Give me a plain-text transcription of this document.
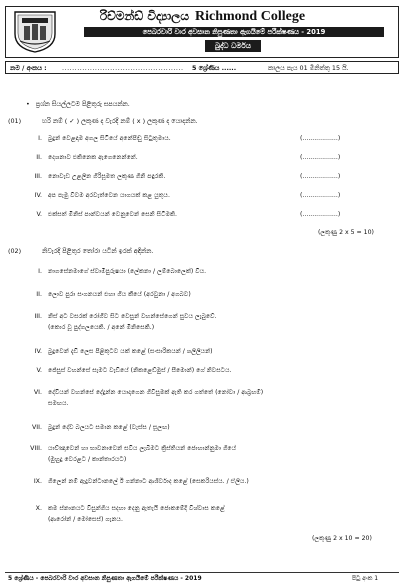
රිච්මන්ඩ් විද්‍යාලය Richmond College
පෙබරවාරි වාර අවසාන නිපුණතා ඇගයීමේ පරීක්ෂණය - 2019
බුද්ධ ධර්මය
නම / අංකය : ................................................ 5 ශ්‍රේණිය ......	කාලය පැය 01 මිනිත්තු 15 යි.
• ප්‍රශ්න සියල්ලටම පිළිතුරු සපයන්න.
(01)	හරි නම් ( ✓ ) ලකුණ ද වැරදි නම් ( x ) ලකුණ ද යොදන්න.
I. බුදුන් වෙළඳාම අගල සිටියේ අනේපිඬු සිටුතුමාය.	(..................)
II. දෙශනාව එකිනෙක ඇගෙනෙන්නේ.	(..................)
III. නොවැඩ උළලින ගිරිසූමත ලකුණ ගිනි පඳුරකි.	(..................)
IV. අප පැමු වීවම අරවැත්වෙන යාගයක් කළ යුතුය.	(..................)
V. එක්සත් මිනිස් පාන්වයන් වෙනුවෙන් සෙනි සිටීමකි.	(..................)
(ලකුණු 2 x 5 = 10)
(02)	නිවැරදි පිළිතුර තෝරා යටින් ඉරක් අඳින්න.
I. නාගසේනමාගේ ස්වාමිපුරුෂයා (ලේකනා / ලම්බොලෙක්) විය.
II. ලොව පුරා සංගනයන් එහා ගිය කීයේ (අරවුනා / අගබව)
III. නිස් අට වසරක් රෝගීව සිට වෙසුන් වහන්සේගෙන් සුවය ලැබුවේ.
(කොර වූ පුද්ගලයෙකි. / අනේ මිනිසෙකි.)
IV. බුදුවෙන් දැඩි ලෙස පිළිකුටව යක් කළේ (සංසාරිකයන් / ශලිලියන්)
V. ජේසුස් වහන්සේ සැමට වැඩියේ (නිකළෙඩ්මුස් / සීමොන්) ගේ නිවසටය.
VI. දේවියන් වහන්සේ දේදුන්න යොදාගෙන ගිවිසුමක් ඇති කර ගත්තේ (නෝවා / ආබ්‍රහම්)
සමඟය.
VII. බුදුන් දේව බලයට සමාන කළේ (වැස්ස / සූලඟ)
VIII. යාච්ඤාවෙන් හා භාවනාවෙන් සවිය ලැබීමට ක්‍රිස්තියන් ජොහාන්නුමා ගියේ
(මුහුදු වෙරළට / කාන්තාරයට)
IX. ගිලෙන් නම් ඇදුවන්ටානලේ ඊ ගන්නාට ආශිර්වාද කළේ (සෙකරියස්ය. / ඒලිය.)
X. කම ස්නානයට විසුන්ගිය සදහා දෙනු ඇතැයි ජොකමේදි විශ්වාස කළේ
(ආරෝන් / මෝසෙස්) ගැනය.
(ලකුණු 2 x 10 = 20)
5 ශ්‍රේණිය - පෙබරවාරි වාර අවසාන නිපුණතා ඇගයීමේ පරීක්ෂණය - 2019	පිටු අංක 1
